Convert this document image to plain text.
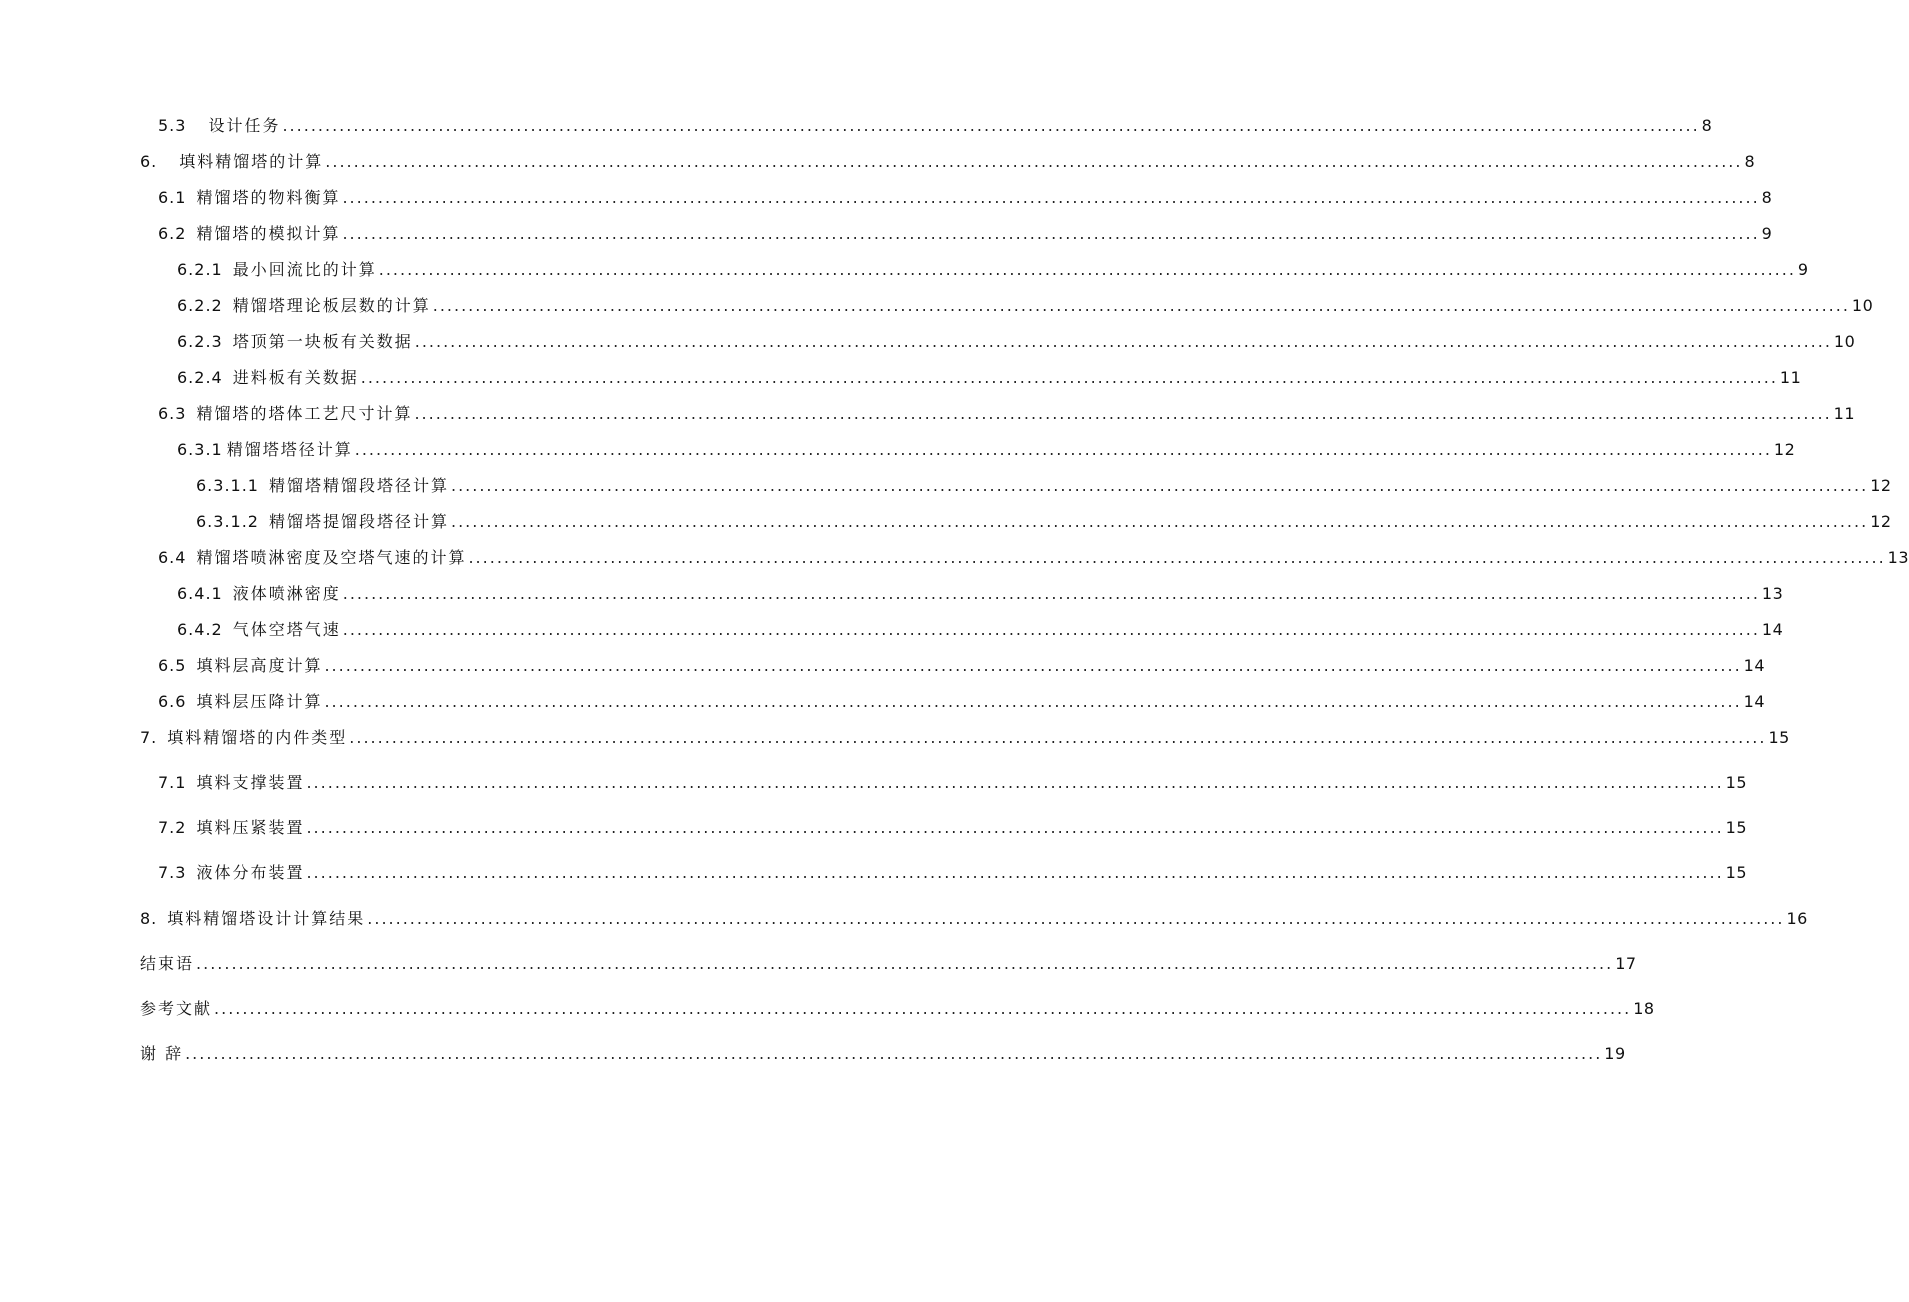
5.3 设计任务 ........................................................................................................................................................................................................ 8
6. 填料精馏塔的计算 ........................................................................................................................................................................................................ 8
6.1 精馏塔的物料衡算 ........................................................................................................................................................................................................ 8
6.2 精馏塔的模拟计算 ........................................................................................................................................................................................................ 9
6.2.1 最小回流比的计算 ........................................................................................................................................................................................................ 9
6.2.2 精馏塔理论板层数的计算 ........................................................................................................................................................................................................ 10
6.2.3 塔顶第一块板有关数据 ........................................................................................................................................................................................................ 10
6.2.4 进料板有关数据 ........................................................................................................................................................................................................ 11
6.3 精馏塔的塔体工艺尺寸计算 ........................................................................................................................................................................................................ 11
6.3.1 精馏塔塔径计算 ........................................................................................................................................................................................................ 12
6.3.1.1 精馏塔精馏段塔径计算 ........................................................................................................................................................................................................ 12
6.3.1.2 精馏塔提馏段塔径计算 ........................................................................................................................................................................................................ 12
6.4 精馏塔喷淋密度及空塔气速的计算 ........................................................................................................................................................................................................ 13
6.4.1 液体喷淋密度 ........................................................................................................................................................................................................ 13
6.4.2 气体空塔气速 ........................................................................................................................................................................................................ 14
6.5 填料层高度计算 ........................................................................................................................................................................................................ 14
6.6 填料层压降计算 ........................................................................................................................................................................................................ 14
7. 填料精馏塔的内件类型 ........................................................................................................................................................................................................ 15
7.1 填料支撑装置 ........................................................................................................................................................................................................ 15
7.2 填料压紧装置 ........................................................................................................................................................................................................ 15
7.3 液体分布装置 ........................................................................................................................................................................................................ 15
8. 填料精馏塔设计计算结果 ........................................................................................................................................................................................................ 16
结束语 ........................................................................................................................................................................................................ 17
参考文献 ........................................................................................................................................................................................................ 18
谢 辞 ........................................................................................................................................................................................................ 19
